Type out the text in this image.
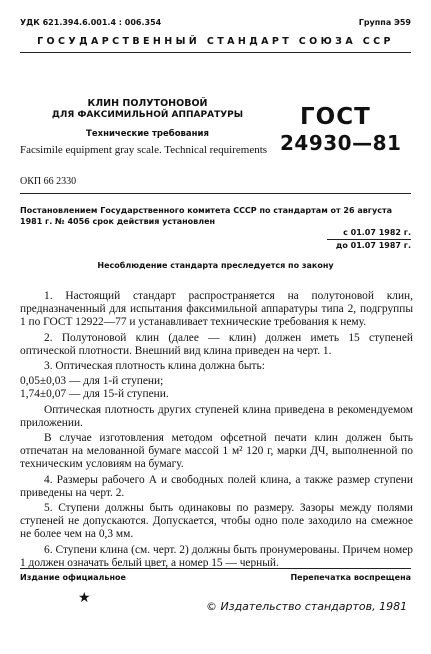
УДК 621.394.6.001.4 : 006.354	Группа Э59
ГОСУДАРСТВЕННЫЙ СТАНДАРТ СОЮЗА ССР
КЛИН ПОЛУТОНОВОЙ
ДЛЯ ФАКСИМИЛЬНОЙ АППАРАТУРЫ
Технические требования
Facsimile equipment gray scale. Technical requirements
ГОСТ
24930—81
ОКП 66 2330
Постановлением Государственного комитета СССР по стандартам от 26 августа 1981 г. № 4056 срок действия установлен
с 01.07 1982 г.
до 01.07 1987 г.
Несоблюдение стандарта преследуется по закону

1. Настоящий стандарт распространяется на полутоновой клин, предназначенный для испытания факсимильной аппаратуры типа 2, подгруппы 1 по ГОСТ 12922—77 и устанавливает технические требования к нему.

2. Полутоновой клин (далее — клин) должен иметь 15 ступеней оптической плотности. Внешний вид клина приведен на черт. 1.

3. Оптическая плотность клина должна быть:

0,05±0,03 — для 1-й ступени;

1,74±0,07 — для 15-й ступени.

Оптическая плотность других ступеней клина приведена в рекомендуемом приложении.

В случае изготовления методом офсетной печати клин должен быть отпечатан на мелованной бумаге массой 1 м² 120 г, марки ДЧ, выполненной по техническим условиям на бумагу.

4. Размеры рабочего А и свободных полей клина, а также размер ступени приведены на черт. 2.

5. Ступени должны быть одинаковы по размеру. Зазоры между полями ступеней не допускаются. Допускается, чтобы одно поле заходило на смежное не более чем на 0,3 мм.

6. Ступени клина (см. черт. 2) должны быть пронумерованы. Причем номер 1 должен означать белый цвет, а номер 15 — черный.

Издание официальное	Перепечатка воспрещена
★
© Издательство стандартов, 1981
